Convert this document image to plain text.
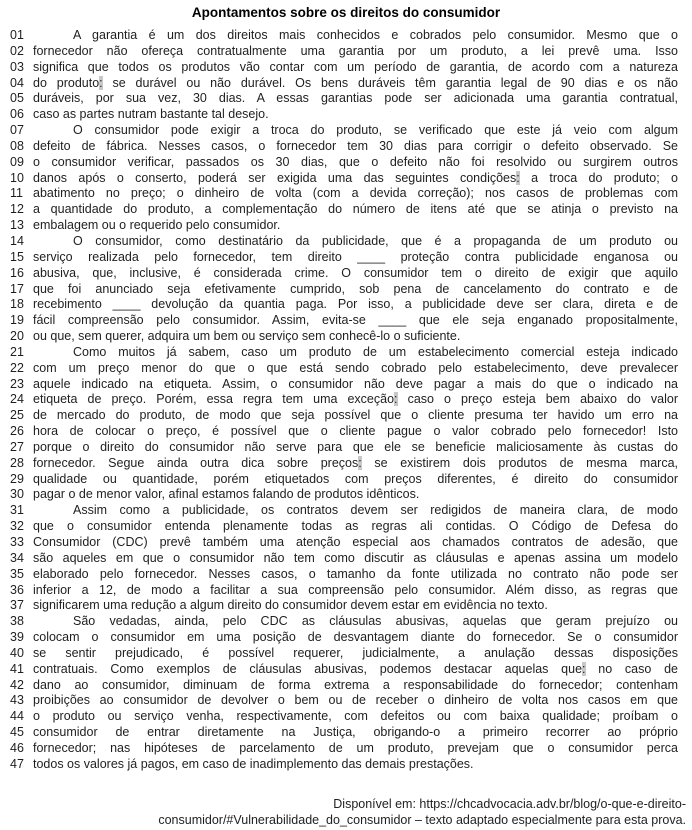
Apontamentos sobre os direitos do consumidor
01	A garantia é um dos direitos mais conhecidos e cobrados pelo consumidor. Mesmo que o
02 fornecedor não ofereça contratualmente uma garantia por um produto, a lei prevê uma. Isso
03 significa que todos os produtos vão contar com um período de garantia, de acordo com a natureza
04 do produto: se durável ou não durável. Os bens duráveis têm garantia legal de 90 dias e os não
05 duráveis, por sua vez, 30 dias. A essas garantias pode ser adicionada uma garantia contratual,
06 caso as partes nutram bastante tal desejo.
07	O consumidor pode exigir a troca do produto, se verificado que este já veio com algum
08 defeito de fábrica. Nesses casos, o fornecedor tem 30 dias para corrigir o defeito observado. Se
09 o consumidor verificar, passados os 30 dias, que o defeito não foi resolvido ou surgirem outros
10 danos após o conserto, poderá ser exigida uma das seguintes condições: a troca do produto; o
11 abatimento no preço; o dinheiro de volta (com a devida correção); nos casos de problemas com
12 a quantidade do produto, a complementação do número de itens até que se atinja o previsto na
13 embalagem ou o requerido pelo consumidor.
14	O consumidor, como destinatário da publicidade, que é a propaganda de um produto ou
15 serviço realizada pelo fornecedor, tem direito ____ proteção contra publicidade enganosa ou
16 abusiva, que, inclusive, é considerada crime. O consumidor tem o direito de exigir que aquilo
17 que foi anunciado seja efetivamente cumprido, sob pena de cancelamento do contrato e de
18 recebimento ____ devolução da quantia paga. Por isso, a publicidade deve ser clara, direta e de
19 fácil compreensão pelo consumidor. Assim, evita-se ____ que ele seja enganado propositalmente,
20 ou que, sem querer, adquira um bem ou serviço sem conhecê-lo o suficiente.
21	Como muitos já sabem, caso um produto de um estabelecimento comercial esteja indicado
22 com um preço menor do que o que está sendo cobrado pelo estabelecimento, deve prevalecer
23 aquele indicado na etiqueta. Assim, o consumidor não deve pagar a mais do que o indicado na
24 etiqueta de preço. Porém, essa regra tem uma exceção: caso o preço esteja bem abaixo do valor
25 de mercado do produto, de modo que seja possível que o cliente presuma ter havido um erro na
26 hora de colocar o preço, é possível que o cliente pague o valor cobrado pelo fornecedor! Isto
27 porque o direito do consumidor não serve para que ele se beneficie maliciosamente às custas do
28 fornecedor. Segue ainda outra dica sobre preços: se existirem dois produtos de mesma marca,
29 qualidade ou quantidade, porém etiquetados com preços diferentes, é direito do consumidor
30 pagar o de menor valor, afinal estamos falando de produtos idênticos.
31	Assim como a publicidade, os contratos devem ser redigidos de maneira clara, de modo
32 que o consumidor entenda plenamente todas as regras ali contidas. O Código de Defesa do
33 Consumidor (CDC) prevê também uma atenção especial aos chamados contratos de adesão, que
34 são aqueles em que o consumidor não tem como discutir as cláusulas e apenas assina um modelo
35 elaborado pelo fornecedor. Nesses casos, o tamanho da fonte utilizada no contrato não pode ser
36 inferior a 12, de modo a facilitar a sua compreensão pelo consumidor. Além disso, as regras que
37 significarem uma redução a algum direito do consumidor devem estar em evidência no texto.
38	São vedadas, ainda, pelo CDC as cláusulas abusivas, aquelas que geram prejuízo ou
39 colocam o consumidor em uma posição de desvantagem diante do fornecedor. Se o consumidor
40 se sentir prejudicado, é possível requerer, judicialmente, a anulação dessas disposições
41 contratuais. Como exemplos de cláusulas abusivas, podemos destacar aquelas que: no caso de
42 dano ao consumidor, diminuam de forma extrema a responsabilidade do fornecedor; contenham
43 proibições ao consumidor de devolver o bem ou de receber o dinheiro de volta nos casos em que
44 o produto ou serviço venha, respectivamente, com defeitos ou com baixa qualidade; proíbam o
45 consumidor de entrar diretamente na Justiça, obrigando-o a primeiro recorrer ao próprio
46 fornecedor; nas hipóteses de parcelamento de um produto, prevejam que o consumidor perca
47 todos os valores já pagos, em caso de inadimplemento das demais prestações.
Disponível em: https://chcadvocacia.adv.br/blog/o-que-e-direito-
consumidor/#Vulnerabilidade_do_consumidor – texto adaptado especialmente para esta prova.
